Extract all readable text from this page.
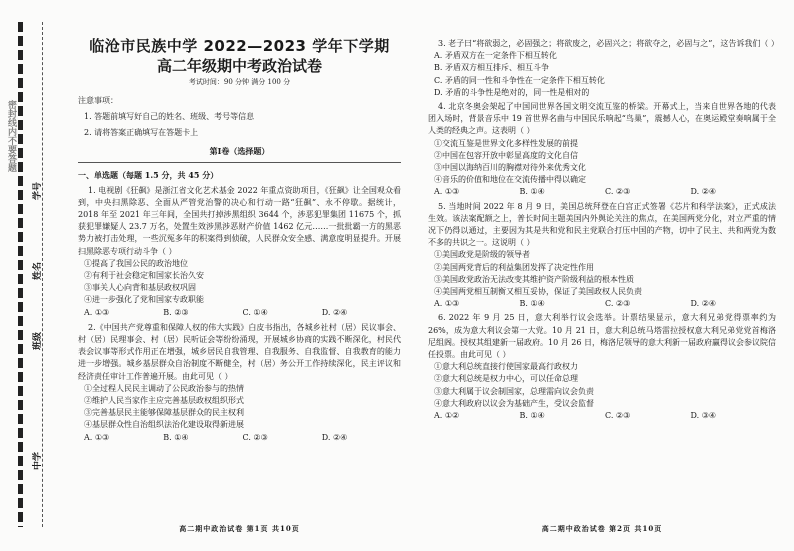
学号
姓名
班级
中学
密封线内不要答题
临沧市民族中学 2022—2023 学年下学期
高二年级期中考政治试卷
考试时间：90 分钟 满分 100 分
注意事项：
1. 答题前填写好自己的姓名、班级、考号等信息
2. 请将答案正确填写在答题卡上
第Ⅰ卷（选择题）
一、单选题（每题 1.5 分，共 45 分）
1. 电视剧《狂飙》是浙江省文化艺术基金 2022 年重点资助项目，《狂飙》让全国观众看到，中央扫黑除恶、全面从严管党治警的决心和行动一路“狂飙”、永不停歇。据统计，2018 年至 2021 年三年间，全国共打掉涉黑组织 3644 个，涉恶犯罪集团 11675 个，抓获犯罪嫌疑人 23.7 万名，处置生效涉黑涉恶财产价值 1462 亿元……一批批霸一方的黑恶势力被打击处理，一些沉冤多年的积案得到侦破，人民群众安全感、满意度明显提升。开展扫黑除恶专项行动斗争（ ）
①提高了我国公民的政治地位
②有利于社会稳定和国家长治久安
③事关人心向背和基层政权巩固
④进一步强化了党和国家专政职能
A. ①③	B. ②③	C. ①④	D. ②④
2.《中国共产党尊重和保障人权的伟大实践》白皮书指出，各城乡社村（居）民议事会、村（居）民理事会、村（居）民听证会等纷纷涌现，开展城乡协商的实践不断深化，村民代表会议事等形式作用正在增强，城乡居民自我管理、自我服务、自我监督、自我教育的能力进一步增强。城乡基层群众自治制度不断健全，村（居）务公开工作持续深化，民主评议和经济责任审计工作普遍开展。由此可见（ ）
①全过程人民民主调动了公民政治参与的热情
②维护人民当家作主应完善基层政权组织形式
③完善基层民主能够保障基层群众的民主权利
④基层群众性自治组织法治化建设取得新进展
A. ①③	B. ①④	C. ②③	D. ②④
高二期中政治试卷 第1页 共10页
3. 老子曰“将欲弱之，必固强之；将欲废之，必固兴之；将欲夺之，必固与之”，这告诉我们（ ）
A. 矛盾双方在一定条件下相互转化
B. 矛盾双方相互排斥、相互斗争
C. 矛盾的同一性和斗争性在一定条件下相互转化
D. 矛盾的斗争性是绝对的，同一性是相对的
4. 北京冬奥会架起了中国同世界各国文明交流互鉴的桥梁。开幕式上，当来自世界各地的代表团入场时，背景音乐中 19 首世界名曲与中国民乐响起“鸟巢”，震撼人心，在奥运殿堂奏响属于全人类的经典之声。这表明（ ）
①交流互鉴是世界文化多样性发展的前提
②中国在包容开放中彰显高度的文化自信
③中国以海纳百川的胸襟对待外来优秀文化
④音乐的价值和地位在交流传播中得以确定
A. ①③	B. ①④	C. ②③	D. ②④
5. 当地时间 2022 年 8 月 9 日，美国总统拜登在白宫正式签署《芯片和科学法案》，正式成法生效。该法案配额之上，普长时间主题美国内外舆论关注的焦点，在美国两党分化，对立严重的情况下仍得以通过，主要因为其是共和党和民主党联合打压中国的产物，切中了民主、共和两党为数不多的共识之一。这说明（ ）
①美国政党是阶级的领导者
②美国两党背后的利益集团发挥了决定性作用
③美国政党政治无法改变其维护资产阶级利益的根本性质
④美国两党相互制衡又相互妥协，保证了美国政权人民负责
A. ①③	B. ①④	C. ②③	D. ②④
6. 2022 年 9 月 25 日，意大利举行议会选举。计票结果显示，意大利兄弟党得票率约为 26%，成为意大利议会第一大党。10 月 21 日，意大利总统马塔雷拉授权意大利兄弟党党首梅洛尼组阁。授权其组建新一届政府。10 月 26 日，梅洛尼领导的意大利新一届政府赢得议会参议院信任投票。由此可见（ ）
①意大利总统直接行使国家最高行政权力
②意大利总统是权力中心，可以任命总理
③意大利属于议会制国家，总理需向议会负责
④意大利政府以议会为基础产生，受议会监督
A. ①②	B. ①④	C. ②③	D. ③④
高二期中政治试卷 第2页 共10页
